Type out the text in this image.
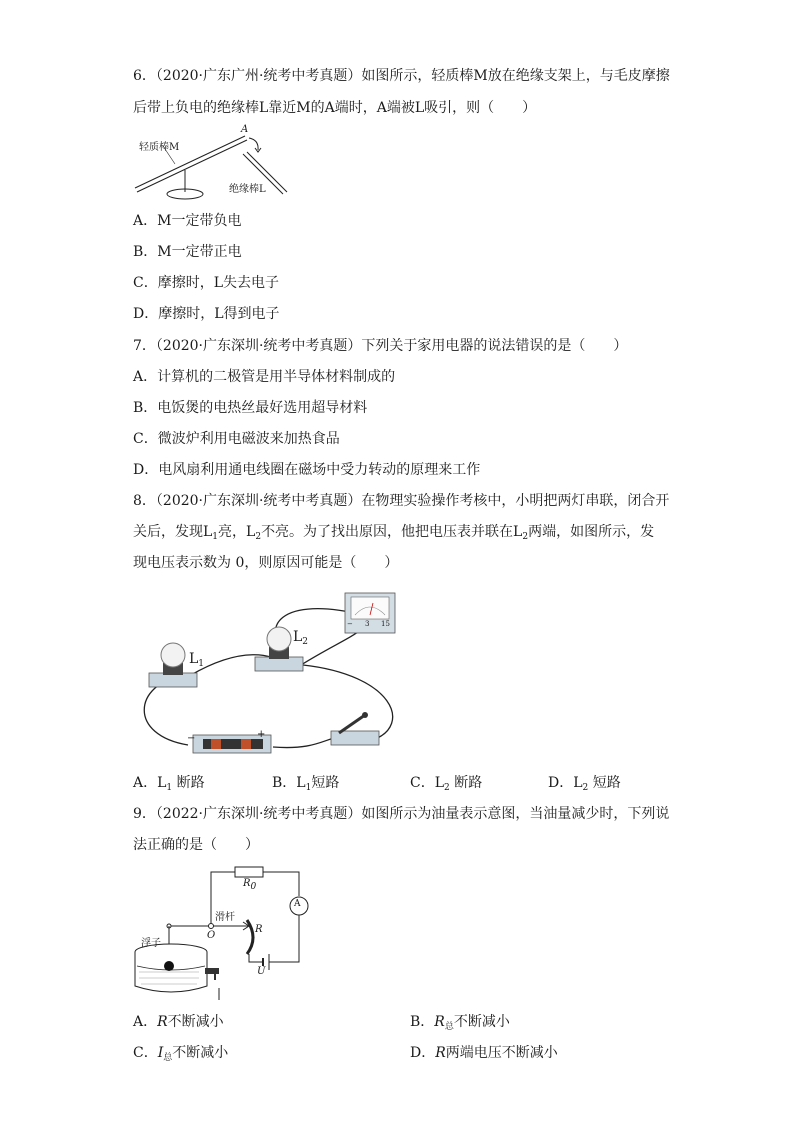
6．（2020·广东广州·统考中考真题）如图所示，轻质棒M放在绝缘支架上，与毛皮摩擦
后带上负电的绝缘棒L靠近M的A端时，A端被L吸引，则（　　）
轻质棒M
A
绝缘棒L
A．M一定带负电
B．M一定带正电
C．摩擦时，L失去电子
D．摩擦时，L得到电子
7．（2020·广东深圳·统考中考真题）下列关于家用电器的说法错误的是（　　）
A．计算机的二极管是用半导体材料制成的
B．电饭煲的电热丝最好选用超导材料
C．微波炉利用电磁波来加热食品
D．电风扇利用通电线圈在磁场中受力转动的原理来工作
8．（2020·广东深圳·统考中考真题）在物理实验操作考核中，小明把两灯串联，闭合开
关后，发现$L_1$亮，$L_2$不亮。为了找出原因，他把电压表并联在$L_2$两端，如图所示，发
现电压表示数为 0，则原因可能是（　　）
$L_1$
$L_2$
−	+
− 3 15
A．$L_1$ 断路	B．$L_1$短路	C．$L_2$ 断路	D．$L_2$ 短路
9．（2022·广东深圳·统考中考真题）如图所示为油量表示意图，当油量减少时，下列说
法正确的是（　　）
$R_0$
A
滑杆
O
R
浮子
U
A．R不断减小	B．$R_总$不断减小
C．$I_总$不断减小	D．R两端电压不断减小
